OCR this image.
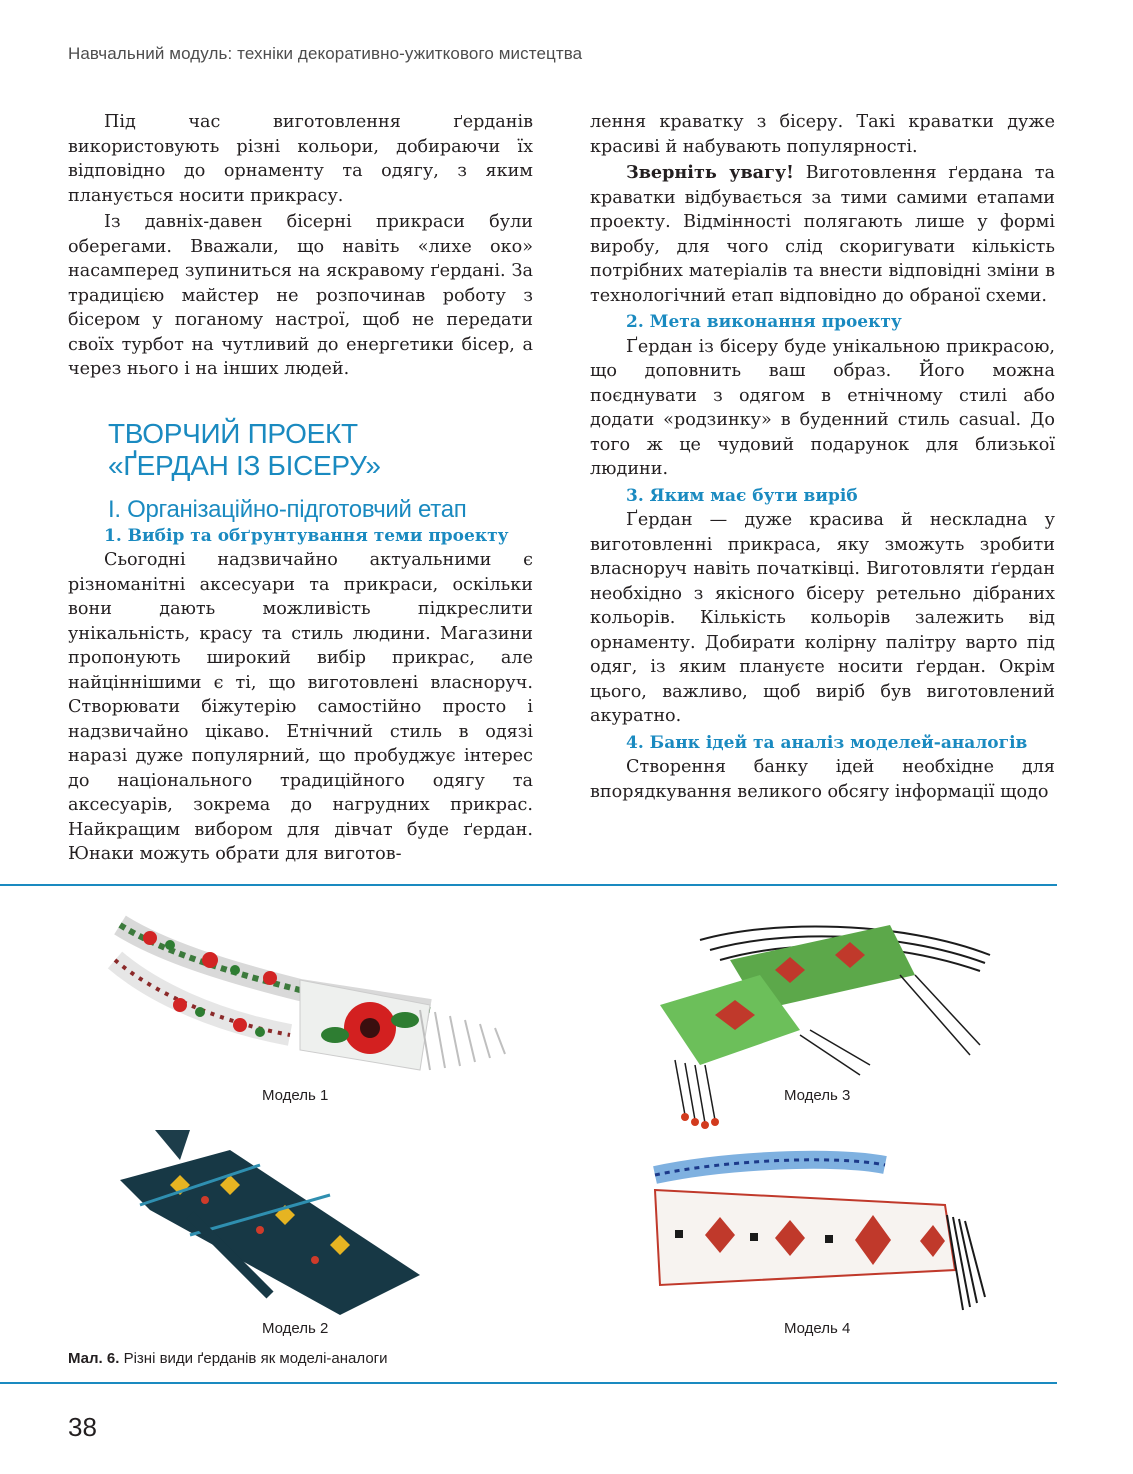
Навчальний модуль: техніки декоративно-ужиткового мистецтва

Під час виготовлення ґерданів використовують різні кольори, добираючи їх відповідно до орнаменту та одягу, з яким планується носити прикрасу.

Із давніх-давен бісерні прикраси були оберегами. Вважали, що навіть «лихе око» насамперед зупиниться на яскравому ґердані. За традицією майстер не розпочинав роботу з бісером у поганому настрої, щоб не передати своїх турбот на чутливий до енергетики бісер, а через нього і на інших людей.

ТВОРЧИЙ ПРОЕКТ
«ҐЕРДАН ІЗ БІСЕРУ»
І. Організаційно-підготовчий етап

1. Вибір та обґрунтування теми проекту

Сьогодні надзвичайно актуальними є різноманітні аксесуари та прикраси, оскільки вони дають можливість підкреслити унікальність, красу та стиль людини. Магазини пропонують широкий вибір прикрас, але найціннішими є ті, що виготовлені власноруч. Створювати біжутерію самостійно просто і надзвичайно цікаво. Етнічний стиль в одязі наразі дуже популярний, що пробуджує інтерес до національного традиційного одягу та аксесуарів, зокрема до нагрудних прикрас. Найкращим вибором для дівчат буде ґердан. Юнаки можуть обрати для виготов-

лення краватку з бісеру. Такі краватки дуже красиві й набувають популярності.

Зверніть увагу! Виготовлення ґердана та краватки відбувається за тими самими етапами проекту. Відмінності полягають лише у формі виробу, для чого слід скоригувати кількість потрібних матеріалів та внести відповідні зміни в технологічний етап відповідно до обраної схеми.

2. Мета виконання проекту

Ґердан із бісеру буде унікальною прикрасою, що доповнить ваш образ. Його можна поєднувати з одягом в етнічному стилі або додати «родзинку» в буденний стиль casual. До того ж це чудовий подарунок для близької людини.

3. Яким має бути виріб

Ґердан — дуже красива й нескладна у виготовленні прикраса, яку зможуть зробити власноруч навіть початківці. Виготовляти ґердан необхідно з якісного бісеру ретельно дібраних кольорів. Кількість кольорів залежить від орнаменту. Добирати колірну палітру варто під одяг, із яким плануєте носити ґердан. Окрім цього, важливо, щоб виріб був виготовлений акуратно.

4. Банк ідей та аналіз моделей-аналогів

Створення банку ідей необхідне для впорядкування великого обсягу інформації щодо

Модель 1	Модель 3
Модель 2	Модель 4
Мал. 6. Різні види ґерданів як моделі-аналоги
38
